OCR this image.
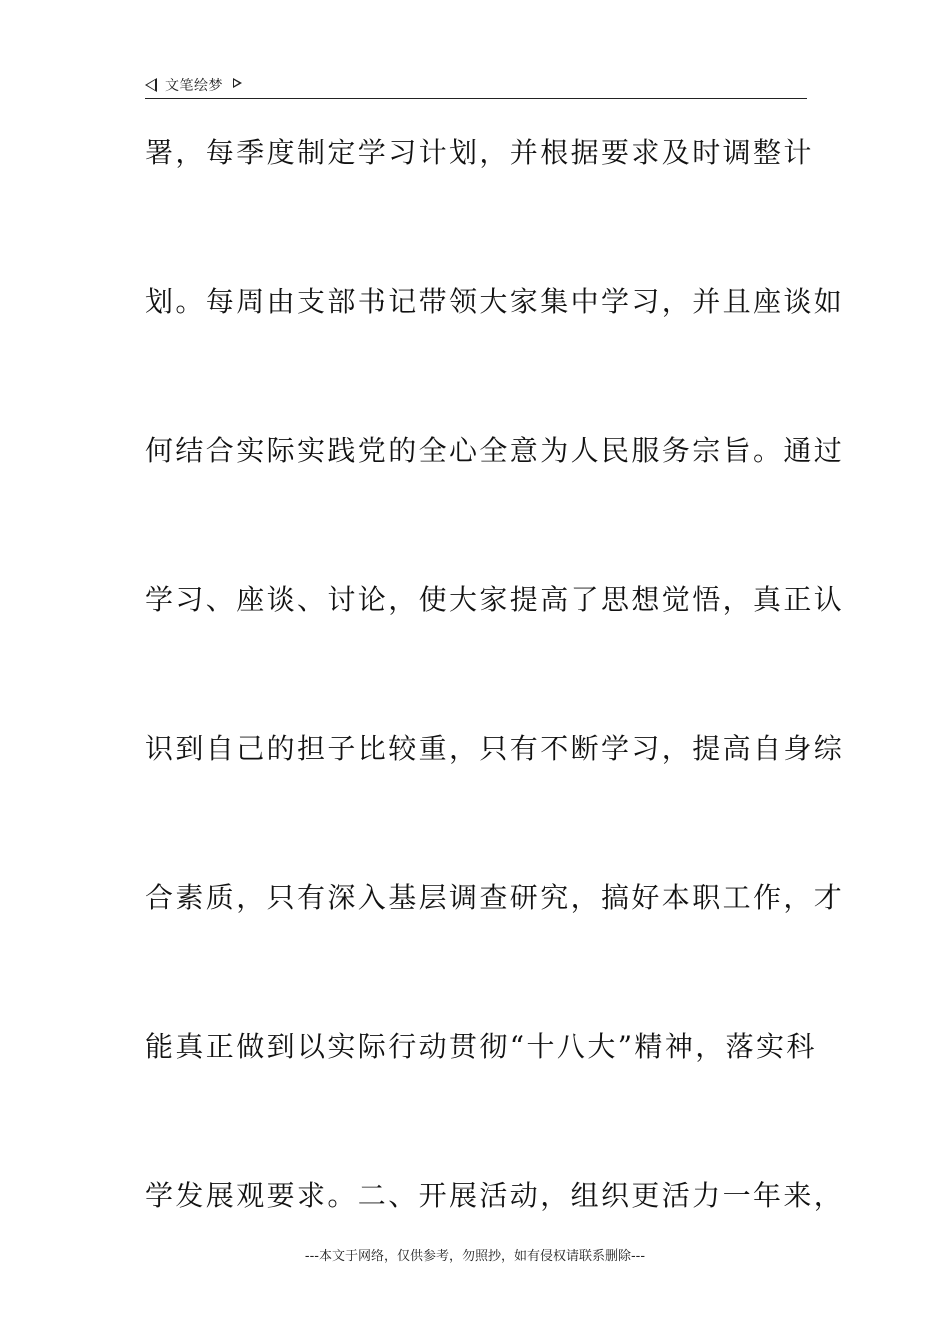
文笔绘梦
署，每季度制定学习计划，并根据要求及时调整计
划。每周由支部书记带领大家集中学习，并且座谈如
何结合实际实践党的全心全意为人民服务宗旨。通过
学习、座谈、讨论，使大家提高了思想觉悟，真正认
识到自己的担子比较重，只有不断学习，提高自身综
合素质，只有深入基层调查研究，搞好本职工作，才
能真正做到以实际行动贯彻“十八大”精神，落实科
学发展观要求。二、开展活动，组织更活力一年来，
---本文于网络，仅供参考，勿照抄，如有侵权请联系删除---
